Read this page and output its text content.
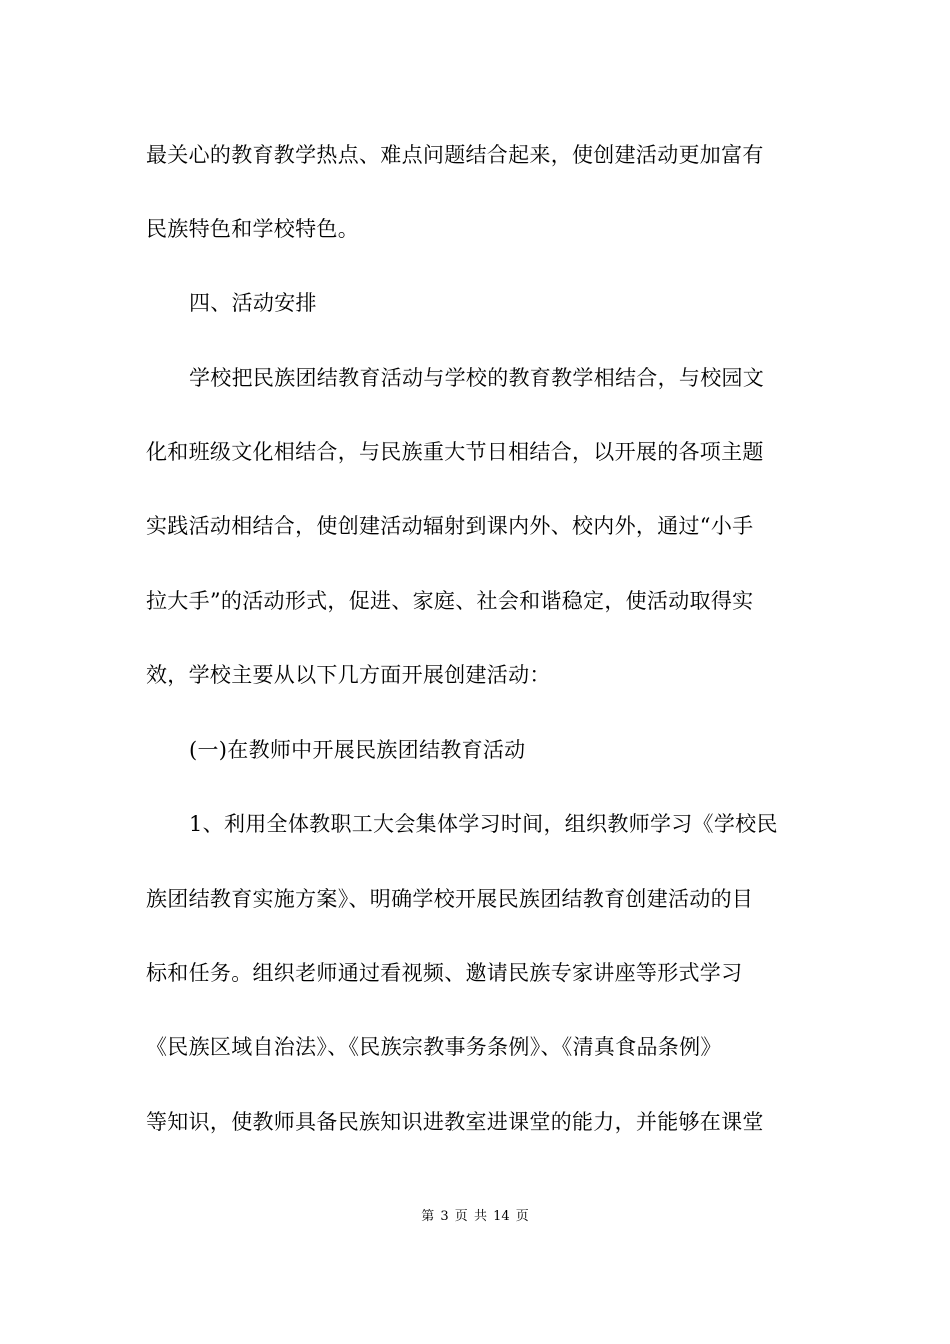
最关心的教育教学热点、难点问题结合起来，使创建活动更加富有
民族特色和学校特色。
四、活动安排
学校把民族团结教育活动与学校的教育教学相结合，与校园文
化和班级文化相结合，与民族重大节日相结合，以开展的各项主题
实践活动相结合，使创建活动辐射到课内外、校内外，通过“小手
拉大手”的活动形式，促进、家庭、社会和谐稳定，使活动取得实
效，学校主要从以下几方面开展创建活动：
(一)在教师中开展民族团结教育活动
1、利用全体教职工大会集体学习时间，组织教师学习《学校民
族团结教育实施方案》、明确学校开展民族团结教育创建活动的目
标和任务。组织老师通过看视频、邀请民族专家讲座等形式学习
《民族区域自治法》、《民族宗教事务条例》、《清真食品条例》
等知识，使教师具备民族知识进教室进课堂的能力，并能够在课堂
第 3 页 共 14 页
